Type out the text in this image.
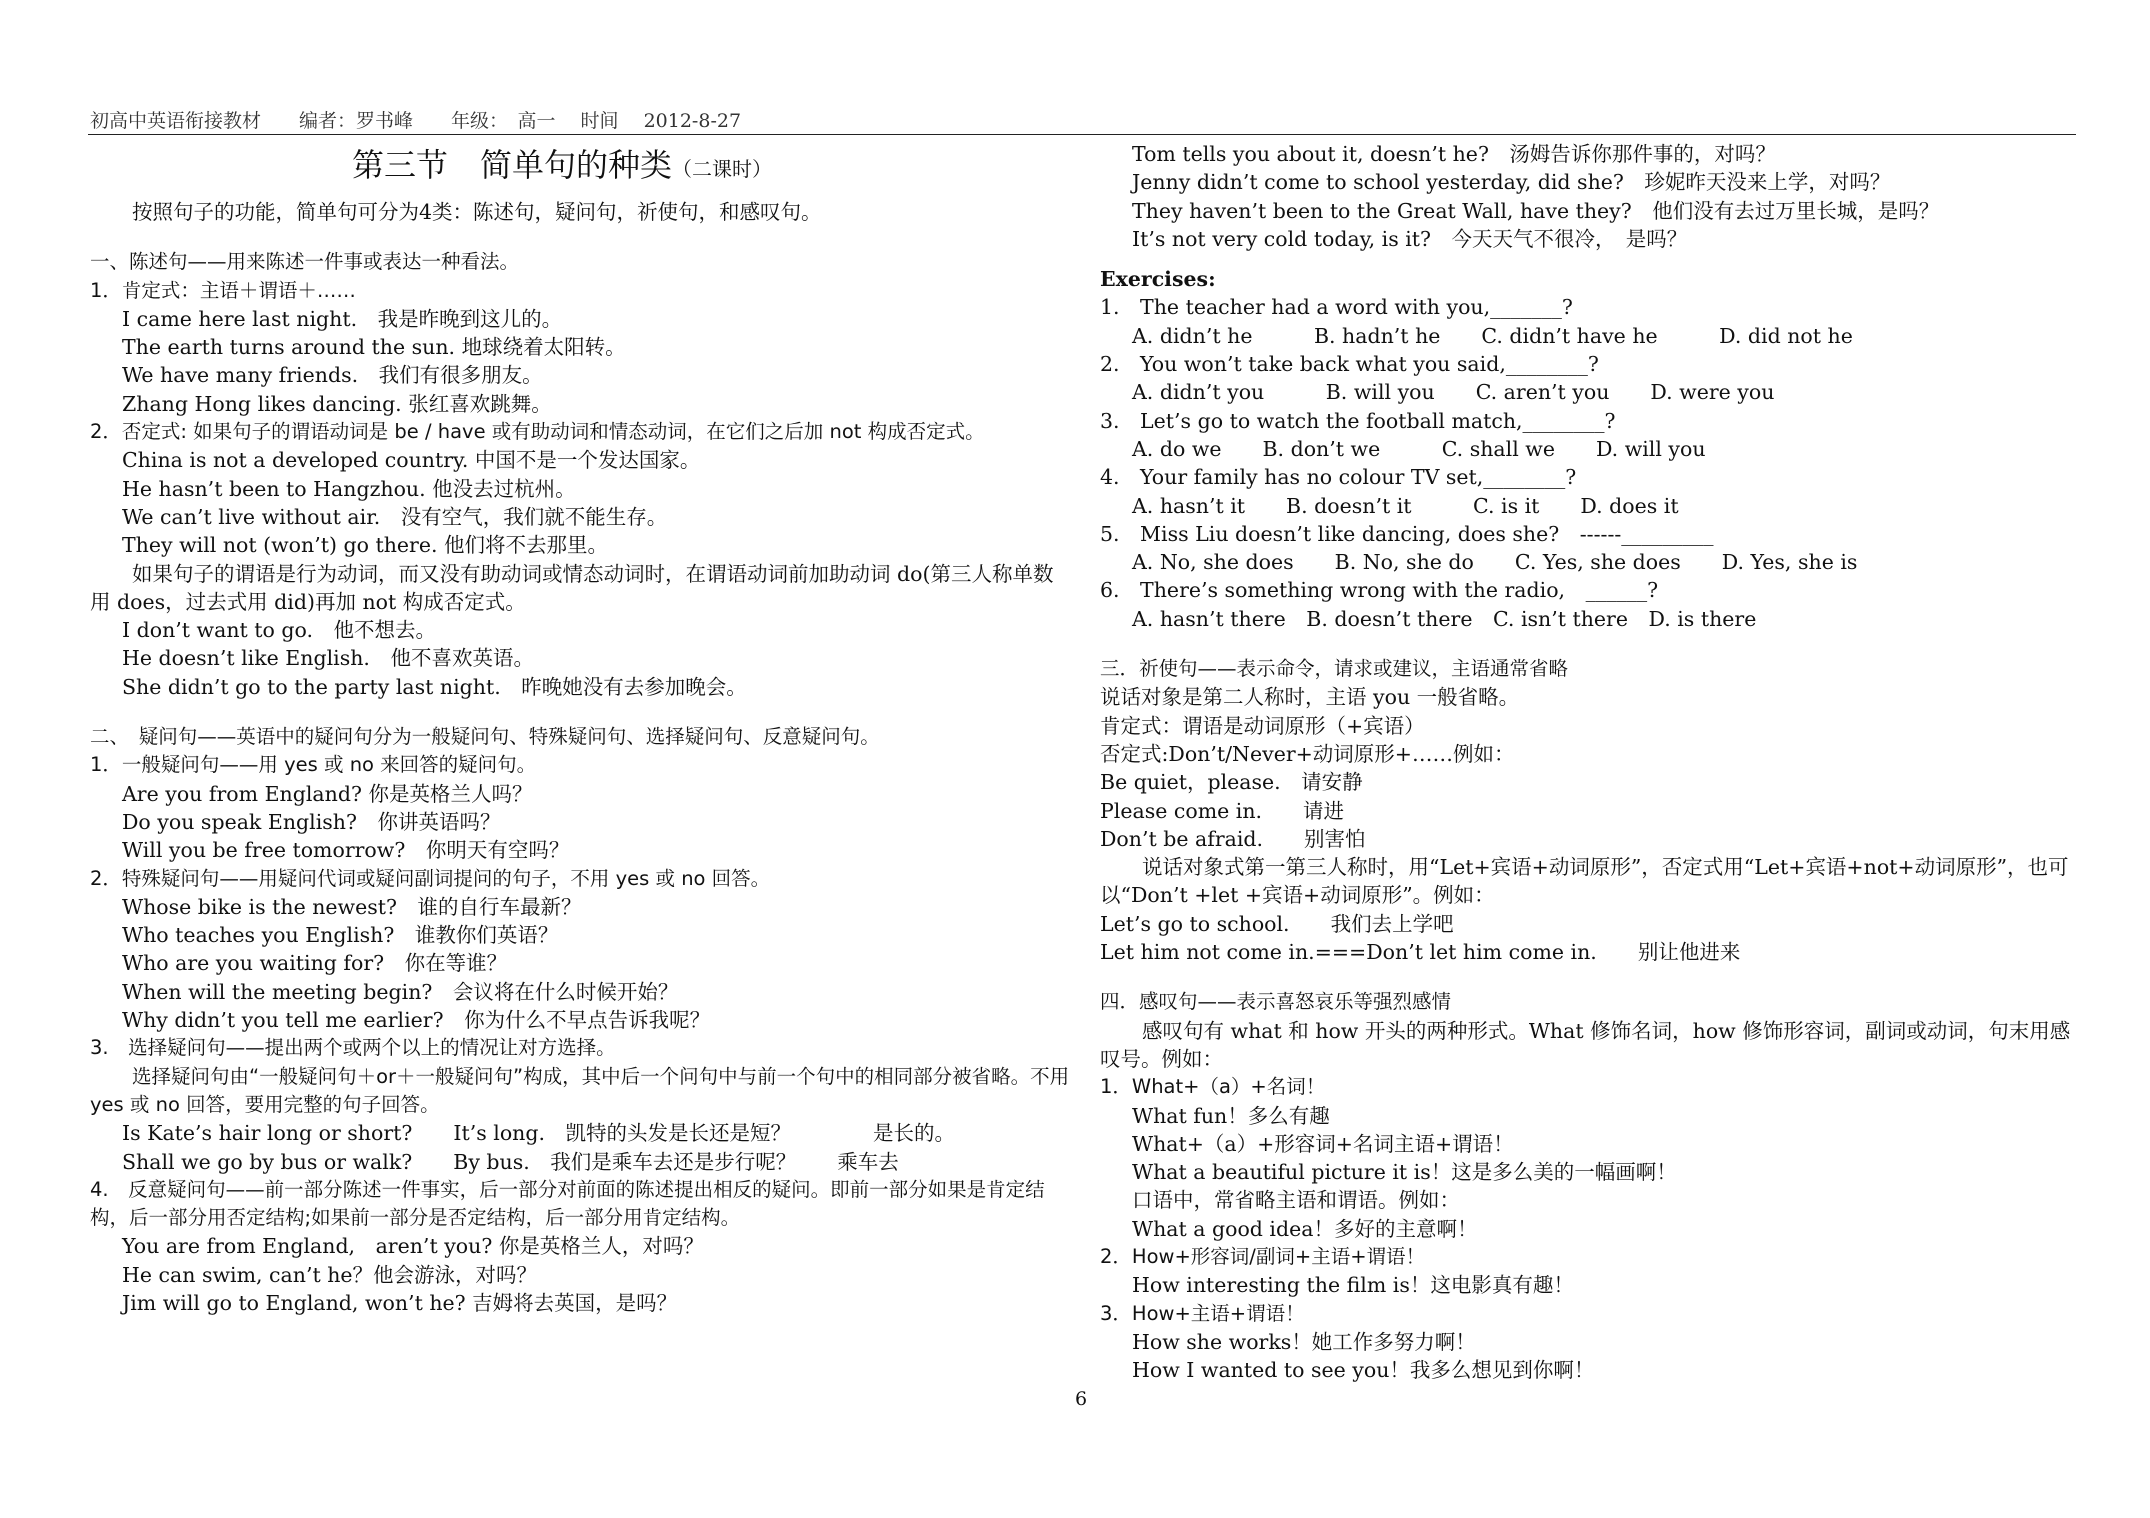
初高中英语衔接教材　　编者：罗书峰　　年级：　高一　 时间　 2012-8-27
第三节　简单句的种类（二课时）
按照句子的功能，简单句可分为4类：陈述句，疑问句，祈使句，和感叹句。
一、陈述句——用来陈述一件事或表达一种看法。
1．肯定式：主语＋谓语＋……
I came here last night.　我是昨晚到这儿的。
The earth turns around the sun. 地球绕着太阳转。
We have many friends.　我们有很多朋友。
Zhang Hong likes dancing. 张红喜欢跳舞。
2．否定式: 如果句子的谓语动词是 be / have 或有助动词和情态动词，在它们之后加 not 构成否定式。
China is not a developed country. 中国不是一个发达国家。
He hasn’t been to Hangzhou. 他没去过杭州。
We can’t live without air.　没有空气，我们就不能生存。
They will not (won’t) go there. 他们将不去那里。
如果句子的谓语是行为动词，而又没有助动词或情态动词时，在谓语动词前加助动词 do(第三人称单数用 does，过去式用 did)再加 not 构成否定式。
I don’t want to go.　他不想去。
He doesn’t like English.　他不喜欢英语。
She didn’t go to the party last night.　昨晚她没有去参加晚会。
二、　疑问句——英语中的疑问句分为一般疑问句、特殊疑问句、选择疑问句、反意疑问句。
1．一般疑问句——用 yes 或 no 来回答的疑问句。
Are you from England? 你是英格兰人吗？
Do you speak English?　你讲英语吗？
Will you be free tomorrow?　你明天有空吗？
2．特殊疑问句——用疑问代词或疑问副词提问的句子，不用 yes 或 no 回答。
Whose bike is the newest?　谁的自行车最新？
Who teaches you English?　谁教你们英语？
Who are you waiting for?　你在等谁？
When will the meeting begin?　会议将在什么时候开始？
Why didn’t you tell me earlier?　你为什么不早点告诉我呢？
3.　选择疑问句——提出两个或两个以上的情况让对方选择。
选择疑问句由“一般疑问句＋or＋一般疑问句”构成，其中后一个问句中与前一个句中的相同部分被省略。不用 yes 或 no 回答，要用完整的句子回答。
Is Kate’s hair long or short?　　It’s long.　凯特的头发是长还是短？　　　　是长的。
Shall we go by bus or walk?　　By bus.　我们是乘车去还是步行呢？　　乘车去
4.　反意疑问句——前一部分陈述一件事实，后一部分对前面的陈述提出相反的疑问。即前一部分如果是肯定结构，后一部分用否定结构;如果前一部分是否定结构，后一部分用肯定结构。
You are from England,　aren’t you? 你是英格兰人，对吗？
He can swim, can’t he？他会游泳，对吗？
Jim will go to England, won’t he? 吉姆将去英国，是吗？
Tom tells you about it, doesn’t he?　汤姆告诉你那件事的，对吗？
Jenny didn’t come to school yesterday, did she?　珍妮昨天没来上学，对吗？
They haven’t been to the Great Wall, have they?　他们没有去过万里长城，是吗？
It’s not very cold today, is it?　今天天气不很冷，　是吗？
Exercises:
1.　The teacher had a word with you,_______?
A. didn’t he　　　B. hadn’t he　　C. didn’t have he　　　D. did not he
2.　You won’t take back what you said,________?
A. didn’t you　　　B. will you　　C. aren’t you　　D. were you
3.　Let’s go to watch the football match,________?
A. do we　　B. don’t we　　　C. shall we　　D. will you
4.　Your family has no colour TV set,________?
A. hasn’t it　　B. doesn’t it　　　C. is it　　D. does it
5.　Miss Liu doesn’t like dancing, does she?　------_________
A. No, she does　　B. No, she do　　C. Yes, she does　　D. Yes, she is
6.　There’s something wrong with the radio,　______?
A. hasn’t there　B. doesn’t there　C. isn’t there　D. is there
三．祈使句——表示命令，请求或建议，主语通常省略
说话对象是第二人称时，主语 you 一般省略。
肯定式：谓语是动词原形（+宾语）
否定式:Don’t/Never+动词原形+……例如：
Be quiet，please.　请安静
Please come in.　　请进
Don’t be afraid.　　别害怕
说话对象式第一第三人称时，用“Let+宾语+动词原形”，否定式用“Let+宾语+not+动词原形”，也可以“Don’t +let +宾语+动词原形”。例如：
Let’s go to school.　　我们去上学吧
Let him not come in.===Don’t let him come in.　　别让他进来
四．感叹句——表示喜怒哀乐等强烈感情
感叹句有 what 和 how 开头的两种形式。What 修饰名词，how 修饰形容词，副词或动词，句末用感叹号。例如：
1．What+（a）+名词！
What fun！多么有趣
What+（a）+形容词+名词主语+谓语！
What a beautiful picture it is！这是多么美的一幅画啊！
口语中，常省略主语和谓语。例如：
What a good idea！多好的主意啊！
2．How+形容词/副词+主语+谓语！
How interesting the film is！这电影真有趣！
3．How+主语+谓语！
How she works！她工作多努力啊！
How I wanted to see you！我多么想见到你啊！
6
